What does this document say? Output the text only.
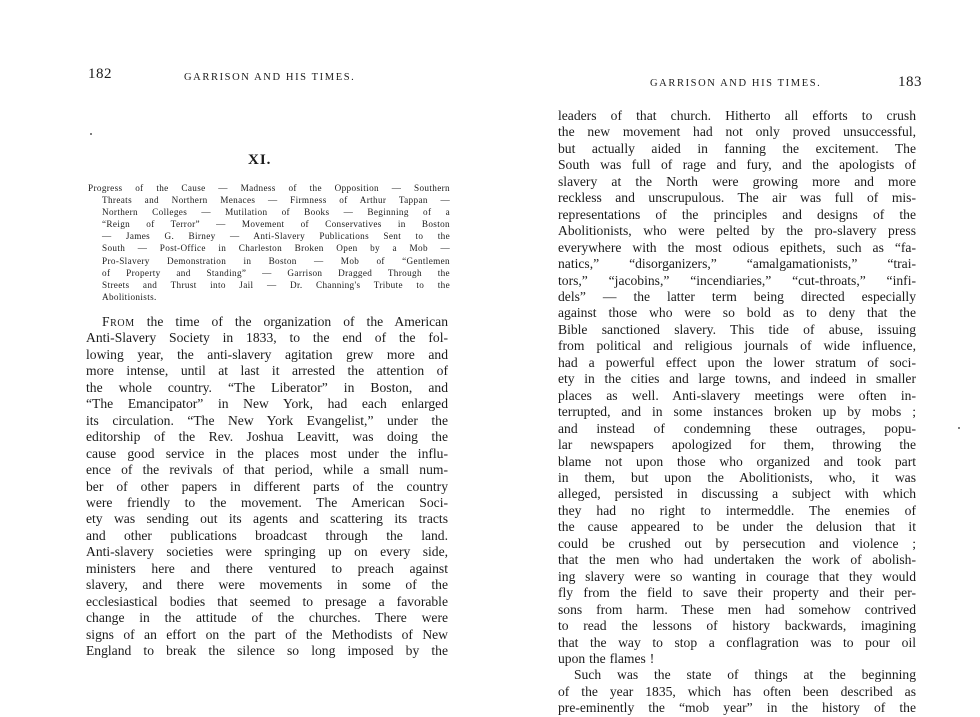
182	GARRISON AND HIS TIMES.
XI.
Progress of the Cause — Madness of the Opposition — Southern
Threats and Northern Menaces — Firmness of Arthur Tappan —
Northern Colleges — Mutilation of Books — Beginning of a
“Reign of Terror” — Movement of Conservatives in Boston
— James G. Birney — Anti-Slavery Publications Sent to the
South — Post-Office in Charleston Broken Open by a Mob —
Pro-Slavery Demonstration in Boston — Mob of “Gentlemen
of Property and Standing” — Garrison Dragged Through the
Streets and Thrust into Jail — Dr. Channing's Tribute to the
Abolitionists.
From the time of the organization of the American
Anti-Slavery Society in 1833, to the end of the fol-
lowing year, the anti-slavery agitation grew more and
more intense, until at last it arrested the attention of
the whole country. “The Liberator” in Boston, and
“The Emancipator” in New York, had each enlarged
its circulation. “The New York Evangelist,” under the
editorship of the Rev. Joshua Leavitt, was doing the
cause good service in the places most under the influ-
ence of the revivals of that period, while a small num-
ber of other papers in different parts of the country
were friendly to the movement. The American Soci-
ety was sending out its agents and scattering its tracts
and other publications broadcast through the land.
Anti-slavery societies were springing up on every side,
ministers here and there ventured to preach against
slavery, and there were movements in some of the
ecclesiastical bodies that seemed to presage a favorable
change in the attitude of the churches. There were
signs of an effort on the part of the Methodists of New
England to break the silence so long imposed by the
GARRISON AND HIS TIMES.	183
leaders of that church. Hitherto all efforts to crush
the new movement had not only proved unsuccessful,
but actually aided in fanning the excitement. The
South was full of rage and fury, and the apologists of
slavery at the North were growing more and more
reckless and unscrupulous. The air was full of mis-
representations of the principles and designs of the
Abolitionists, who were pelted by the pro-slavery press
everywhere with the most odious epithets, such as “fa-
natics,” “disorganizers,” “amalgamationists,” “trai-
tors,” “jacobins,” “incendiaries,” “cut-throats,” “infi-
dels” — the latter term being directed especially
against those who were so bold as to deny that the
Bible sanctioned slavery. This tide of abuse, issuing
from political and religious journals of wide influence,
had a powerful effect upon the lower stratum of soci-
ety in the cities and large towns, and indeed in smaller
places as well. Anti-slavery meetings were often in-
terrupted, and in some instances broken up by mobs ;
and instead of condemning these outrages, popu-
lar newspapers apologized for them, throwing the
blame not upon those who organized and took part
in them, but upon the Abolitionists, who, it was
alleged, persisted in discussing a subject with which
they had no right to intermeddle. The enemies of
the cause appeared to be under the delusion that it
could be crushed out by persecution and violence ;
that the men who had undertaken the work of abolish-
ing slavery were so wanting in courage that they would
fly from the field to save their property and their per-
sons from harm. These men had somehow contrived
to read the lessons of history backwards, imagining
that the way to stop a conflagration was to pour oil
upon the flames !
Such was the state of things at the beginning
of the year 1835, which has often been described as
pre-eminently the “mob year” in the history of the
